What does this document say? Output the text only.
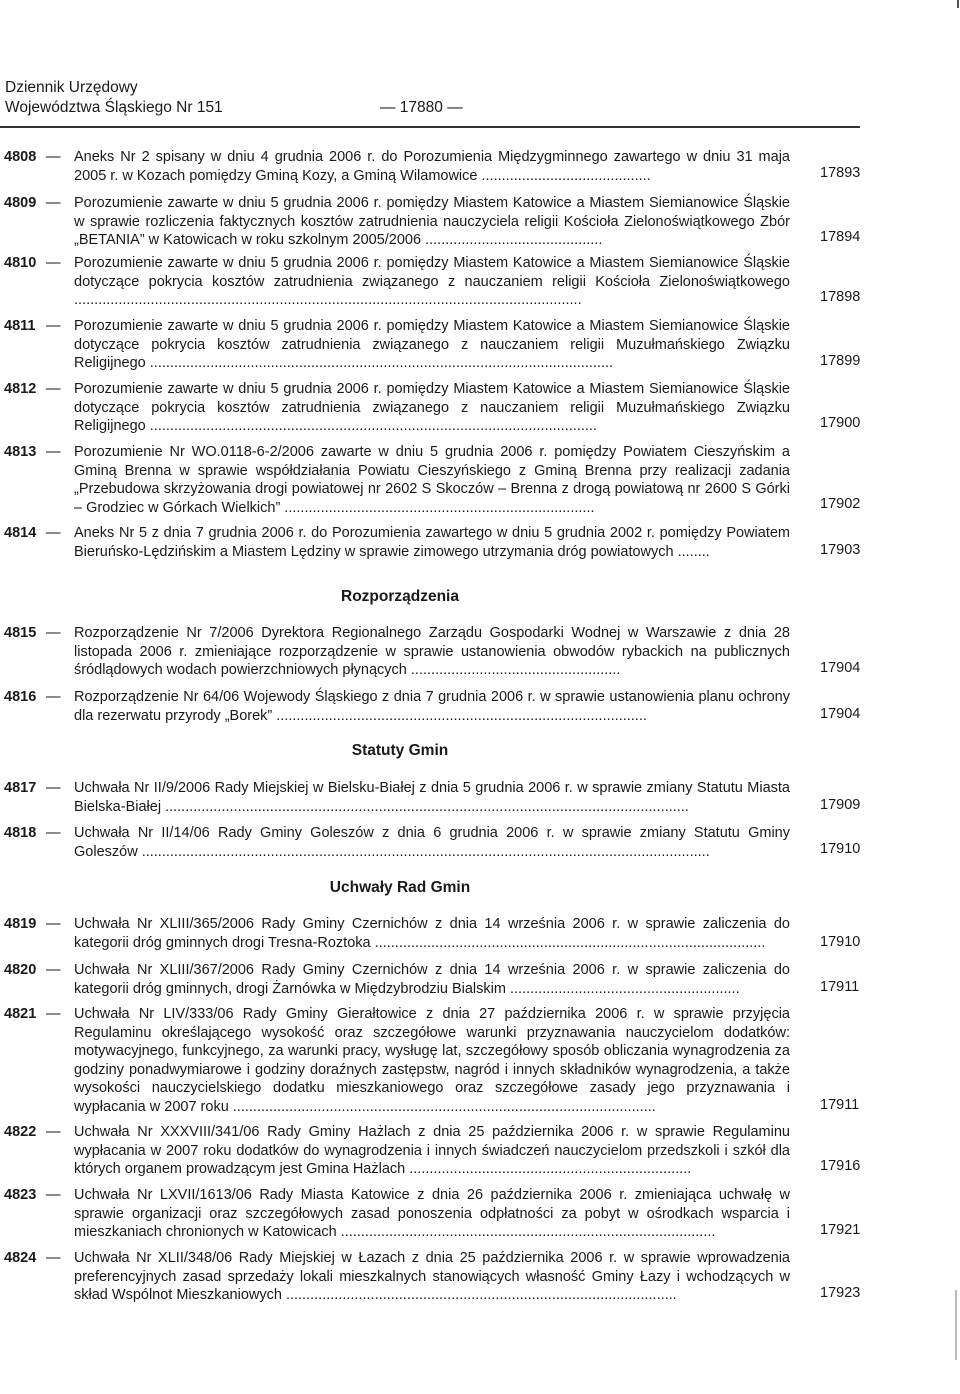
Dziennik Urzędowy
Województwa Śląskiego Nr 151	— 17880 —
4808 — Aneks Nr 2 spisany w dniu 4 grudnia 2006 r. do Porozumienia Międzygminnego zawartego w dniu 31 maja 2005 r. w Kozach pomiędzy Gminą Kozy, a Gminą Wilamowice ..........................................	17893
4809 — Porozumienie zawarte w dniu 5 grudnia 2006 r. pomiędzy Miastem Katowice a Miastem Siemianowice Śląskie w sprawie rozliczenia faktycznych kosztów zatrudnienia nauczyciela religii Kościoła Zielonoświątkowego Zbór „BETANIA” w Katowicach w roku szkolnym 2005/2006 ............................................	17894
4810 — Porozumienie zawarte w dniu 5 grudnia 2006 r. pomiędzy Miastem Katowice a Miastem Siemianowice Śląskie dotyczące pokrycia kosztów zatrudnienia związanego z nauczaniem religii Kościoła Zielonoświątkowego ..............................................................................................................................	17898
4811 — Porozumienie zawarte w dniu 5 grudnia 2006 r. pomiędzy Miastem Katowice a Miastem Siemianowice Śląskie dotyczące pokrycia kosztów zatrudnienia związanego z nauczaniem religii Muzułmańskiego Związku Religijnego ...................................................................................................................	17899
4812 — Porozumienie zawarte w dniu 5 grudnia 2006 r. pomiędzy Miastem Katowice a Miastem Siemianowice Śląskie dotyczące pokrycia kosztów zatrudnienia związanego z nauczaniem religii Muzułmańskiego Związku Religijnego ...............................................................................................................	17900
4813 — Porozumienie Nr WO.0118-6-2/2006 zawarte w dniu 5 grudnia 2006 r. pomiędzy Powiatem Cieszyńskim a Gminą Brenna w sprawie współdziałania Powiatu Cieszyńskiego z Gminą Brenna przy realizacji zadania „Przebudowa skrzyżowania drogi powiatowej nr 2602 S Skoczów – Brenna z drogą powiatową nr 2600 S Górki – Grodziec w Górkach Wielkich” .............................................................................	17902
4814 — Aneks Nr 5 z dnia 7 grudnia 2006 r. do Porozumienia zawartego w dniu 5 grudnia 2002 r. pomiędzy Powiatem Bieruńsko-Lędzińskim a Miastem Lędziny w sprawie zimowego utrzymania dróg powiatowych ........	17903
Rozporządzenia
4815 — Rozporządzenie Nr 7/2006 Dyrektora Regionalnego Zarządu Gospodarki Wodnej w Warszawie z dnia 28 listopada 2006 r. zmieniające rozporządzenie w sprawie ustanowienia obwodów rybackich na publicznych śródlądowych wodach powierzchniowych płynących ....................................................	17904
4816 — Rozporządzenie Nr 64/06 Wojewody Śląskiego z dnia 7 grudnia 2006 r. w sprawie ustanowienia planu ochrony dla rezerwatu przyrody „Borek” ............................................................................................	17904
Statuty Gmin
4817 — Uchwała Nr II/9/2006 Rady Miejskiej w Bielsku-Białej z dnia 5 grudnia 2006 r. w sprawie zmiany Statutu Miasta Bielska-Białej ..................................................................................................................................	17909
4818 — Uchwała Nr II/14/06 Rady Gminy Goleszów z dnia 6 grudnia 2006 r. w sprawie zmiany Statutu Gminy Goleszów .............................................................................................................................................	17910
Uchwały Rad Gmin
4819 — Uchwała Nr XLIII/365/2006 Rady Gminy Czernichów z dnia 14 września 2006 r. w sprawie zaliczenia do kategorii dróg gminnych drogi Tresna-Roztoka .................................................................................................	17910
4820 — Uchwała Nr XLIII/367/2006 Rady Gminy Czernichów z dnia 14 września 2006 r. w sprawie zaliczenia do kategorii dróg gminnych, drogi Żarnówka w Międzybrodziu Bialskim .........................................................	17911
4821 — Uchwała Nr LIV/333/06 Rady Gminy Gierałtowice z dnia 27 października 2006 r. w sprawie przyjęcia Regulaminu określającego wysokość oraz szczegółowe warunki przyznawania nauczycielom dodatków: motywacyjnego, funkcyjnego, za warunki pracy, wysługę lat, szczegółowy sposób obliczania wynagrodzenia za godziny ponadwymiarowe i godziny doraźnych zastępstw, nagród i innych składników wynagrodzenia, a także wysokości nauczycielskiego dodatku mieszkaniowego oraz szczegółowe zasady jego przyznawania i wypłacania w 2007 roku .........................................................................................................	17911
4822 — Uchwała Nr XXXVIII/341/06 Rady Gminy Hażlach z dnia 25 października 2006 r. w sprawie Regulaminu wypłacania w 2007 roku dodatków do wynagrodzenia i innych świadczeń nauczycielom przedszkoli i szkół dla których organem prowadzącym jest Gmina Hażlach ......................................................................	17916
4823 — Uchwała Nr LXVII/1613/06 Rady Miasta Katowice z dnia 26 października 2006 r. zmieniająca uchwałę w sprawie organizacji oraz szczegółowych zasad ponoszenia odpłatności za pobyt w ośrodkach wsparcia i mieszkaniach chronionych w Katowicach .............................................................................................	17921
4824 — Uchwała Nr XLII/348/06 Rady Miejskiej w Łazach z dnia 25 października 2006 r. w sprawie wprowadzenia preferencyjnych zasad sprzedaży lokali mieszkalnych stanowiących własność Gminy Łazy i wchodzących w skład Wspólnot Mieszkaniowych .................................................................................................	17923
